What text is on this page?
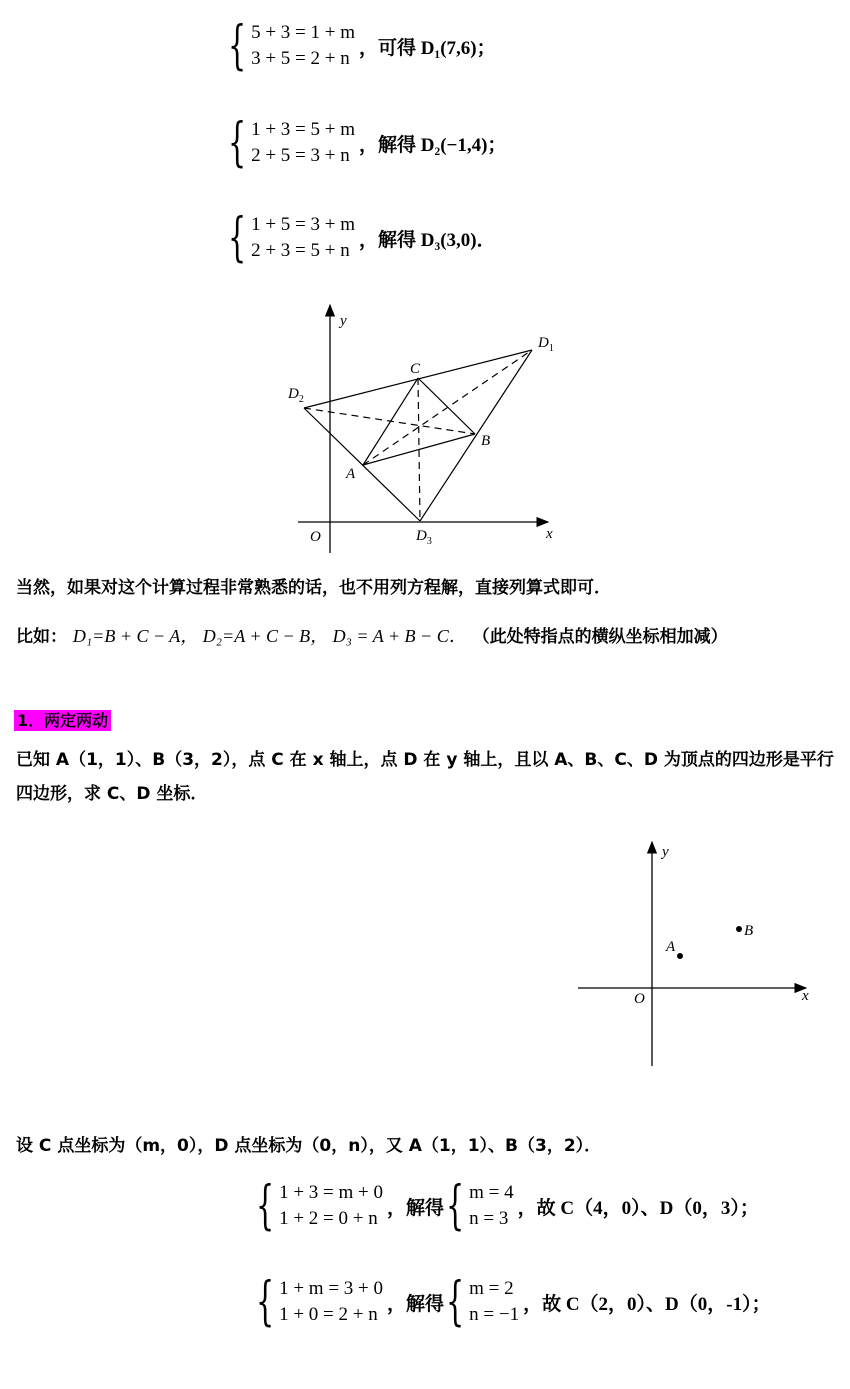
{ 5 + 3 = 1 + m
3 + 5 = 2 + n ，可得 D₁(7,6)；
{ 1 + 3 = 5 + m
2 + 5 = 3 + n ，解得 D₂(−1,4)；
{ 1 + 5 = 3 + m
2 + 3 = 5 + n ，解得 D₃(3,0)．
y
x
O
C
B
A
$D_1$
$D_2$
$D_3$
当然，如果对这个计算过程非常熟悉的话，也不用列方程解，直接列算式即可．
比如： D₁=B + C − A， D₂=A + C − B， D₃ = A + B − C． （此处特指点的横纵坐标相加减）
1．两定两动
已知 A（1，1）、B（3，2），点 C 在 x 轴上，点 D 在 y 轴上，且以 A、B、C、D 为顶点的四边形是平行四边形，求 C、D 坐标．
y
x
O
A
B
设 C 点坐标为（m，0），D 点坐标为（0，n），又 A（1，1）、B（3，2）．
{ 1 + 3 = m + 0
1 + 2 = 0 + n ，解得 { m = 4
n = 3 ，故 C（4，0）、D（0，3）；
{ 1 + m = 3 + 0
1 + 0 = 2 + n ，解得 { m = 2
n = −1 ，故 C（2，0）、D（0，-1）；
